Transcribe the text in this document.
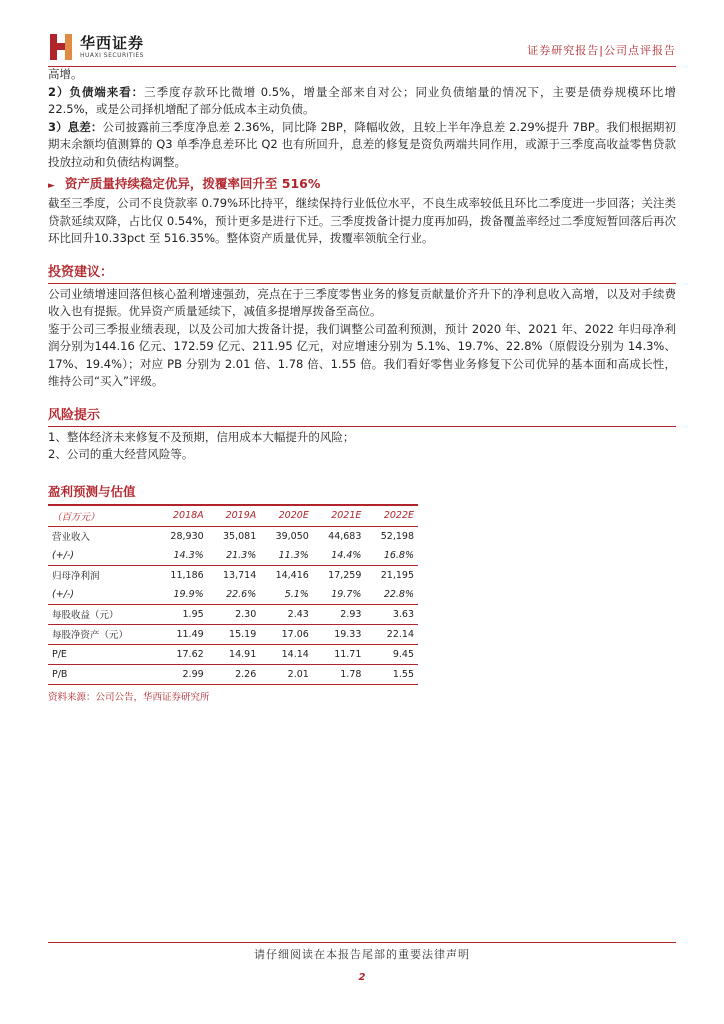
华西证券
HUAXI SECURITIES	证券研究报告|公司点评报告

高增。

2）负债端来看：三季度存款环比微增 0.5%，增量全部来自对公；同业负债缩量的情况下，主要是债券规模环比增 22.5%，或是公司择机增配了部分低成本主动负债。

3）息差：公司披露前三季度净息差 2.36%，同比降 2BP，降幅收敛，且较上半年净息差 2.29%提升 7BP。我们根据期初期末余额均值测算的 Q3 单季净息差环比 Q2 也有所回升，息差的修复是资负两端共同作用，或源于三季度高收益零售贷款投放拉动和负债结构调整。

► 资产质量持续稳定优异，拨覆率回升至 516%

截至三季度，公司不良贷款率 0.79%环比持平，继续保持行业低位水平，不良生成率较低且环比二季度进一步回落；关注类贷款延续双降，占比仅 0.54%，预计更多是进行下迁。三季度拨备计提力度再加码，拨备覆盖率经过二季度短暂回落后再次环比回升10.33pct 至 516.35%。整体资产质量优异，拨覆率领航全行业。

投资建议：

公司业绩增速回落但核心盈利增速强劲，亮点在于三季度零售业务的修复贡献量价齐升下的净利息收入高增，以及对手续费收入也有提振。优异资产质量延续下，减值多提增厚拨备至高位。

鉴于公司三季报业绩表现，以及公司加大拨备计提，我们调整公司盈利预测，预计 2020 年、2021 年、2022 年归母净利润分别为144.16 亿元、172.59 亿元、211.95 亿元，对应增速分别为 5.1%、19.7%、22.8%（原假设分别为 14.3%、17%、19.4%）；对应 PB 分别为 2.01 倍、1.78 倍、1.55 倍。我们看好零售业务修复下公司优异的基本面和高成长性，维持公司“买入”评级。

风险提示

1、整体经济未来修复不及预期，信用成本大幅提升的风险；

2、公司的重大经营风险等。

盈利预测与估值
（百万元）	2018A	2019A	2020E	2021E	2022E
营业收入	28,930	35,081	39,050	44,683	52,198
(+/-)	14.3%	21.3%	11.3%	14.4%	16.8%
归母净利润	11,186	13,714	14,416	17,259	21,195
(+/-)	19.9%	22.6%	5.1%	19.7%	22.8%
每股收益（元）	1.95	2.30	2.43	2.93	3.63
每股净资产（元）	11.49	15.19	17.06	19.33	22.14
P/E	17.62	14.91	14.14	11.71	9.45
P/B	2.99	2.26	2.01	1.78	1.55
资料来源：公司公告，华西证券研究所
请仔细阅读在本报告尾部的重要法律声明
2
